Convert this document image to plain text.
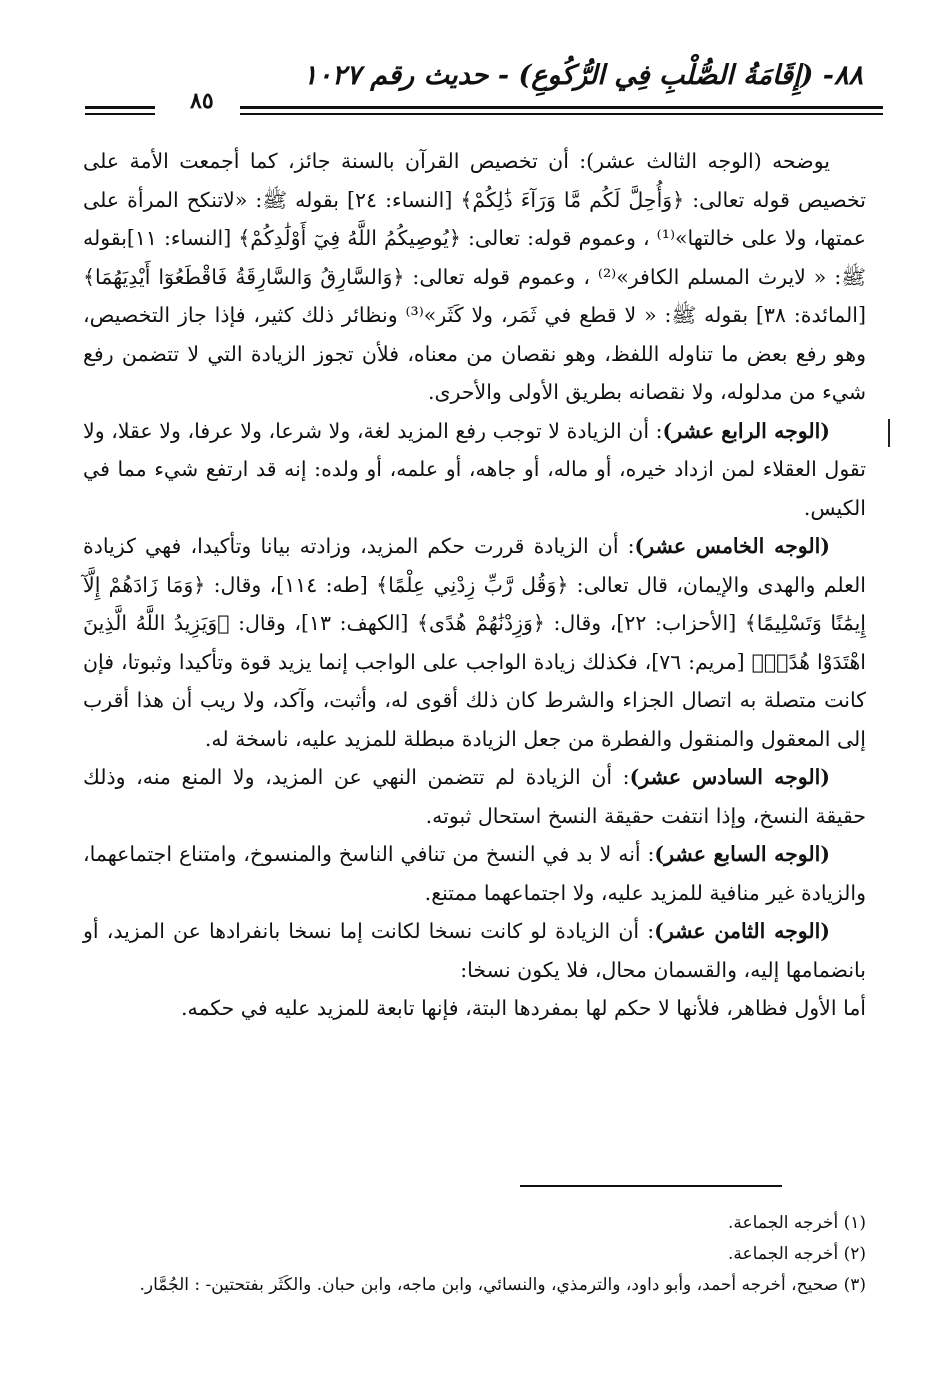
٨٨- (إِقَامَةُ الصُّلْبِ فِي الرُّكُوعِ) - حديث رقم ١٠٢٧
٨٥

يوضحه (الوجه الثالث عشر): أن تخصيص القرآن بالسنة جائز، كما أجمعت الأمة على تخصيص قوله تعالى: ﴿وَأُحِلَّ لَكُم مَّا وَرَآءَ ذَٰلِكُمْ﴾ [النساء: ٢٤] بقوله ﷺ: «لاتنكح المرأة على عمتها، ولا على خالتها»⁽¹⁾ ، وعموم قوله: تعالى: ﴿يُوصِيكُمُ اللَّهُ فِيٓ أَوْلَٰدِكُمْ﴾ [النساء: ١١]بقوله ﷺ: « لايرث المسلم الكافر»⁽²⁾ ، وعموم قوله تعالى: ﴿وَالسَّارِقُ وَالسَّارِقَةُ فَاقْطَعُوٓا أَيْدِيَهُمَا﴾ [المائدة: ٣٨] بقوله ﷺ: « لا قطع في ثَمَر، ولا كَثَر»⁽³⁾ ونظائر ذلك كثير، فإذا جاز التخصيص، وهو رفع بعض ما تناوله اللفظ، وهو نقصان من معناه، فلأن تجوز الزيادة التي لا تتضمن رفع شيء من مدلوله، ولا نقصانه بطريق الأولى والأحرى.

(الوجه الرابع عشر): أن الزيادة لا توجب رفع المزيد لغة، ولا شرعا، ولا عرفا، ولا عقلا، ولا تقول العقلاء لمن ازداد خيره، أو ماله، أو جاهه، أو علمه، أو ولده: إنه قد ارتفع شيء مما في الكيس.

(الوجه الخامس عشر): أن الزيادة قررت حكم المزيد، وزادته بيانا وتأكيدا، فهي كزيادة العلم والهدى والإيمان، قال تعالى: ﴿وَقُل رَّبِّ زِدْنِي عِلْمًا﴾ [طه: ١١٤]، وقال: ﴿وَمَا زَادَهُمْ إِلَّآ إِيمَٰنًا وَتَسْلِيمًا﴾ [الأحزاب: ٢٢]، وقال: ﴿وَزِدْنَٰهُمْ هُدًى﴾ [الكهف: ١٣]، وقال: ﴿وَيَزِيدُ اللَّهُ الَّذِينَ اهْتَدَوْا هُدًىۗ﴾ [مريم: ٧٦]، فكذلك زيادة الواجب على الواجب إنما يزيد قوة وتأكيدا وثبوتا، فإن كانت متصلة به اتصال الجزاء والشرط كان ذلك أقوى له، وأثبت، وآكد، ولا ريب أن هذا أقرب إلى المعقول والمنقول والفطرة من جعل الزيادة مبطلة للمزيد عليه، ناسخة له.

(الوجه السادس عشر): أن الزيادة لم تتضمن النهي عن المزيد، ولا المنع منه، وذلك حقيقة النسخ، وإذا انتفت حقيقة النسخ استحال ثبوته.

(الوجه السابع عشر): أنه لا بد في النسخ من تنافي الناسخ والمنسوخ، وامتناع اجتماعهما، والزيادة غير منافية للمزيد عليه، ولا اجتماعهما ممتنع.

(الوجه الثامن عشر): أن الزيادة لو كانت نسخا لكانت إما نسخا بانفرادها عن المزيد، أو بانضمامها إليه، والقسمان محال، فلا يكون نسخا:

أما الأول فظاهر، فلأنها لا حكم لها بمفردها البتة، فإنها تابعة للمزيد عليه في حكمه.

(١) أخرجه الجماعة.

(٢) أخرجه الجماعة.

(٣) صحيح، أخرجه أحمد، وأبو داود، والترمذي، والنسائي، وابن ماجه، وابن حبان. والكَثَر بفتحتين- : الجُمَّار.
